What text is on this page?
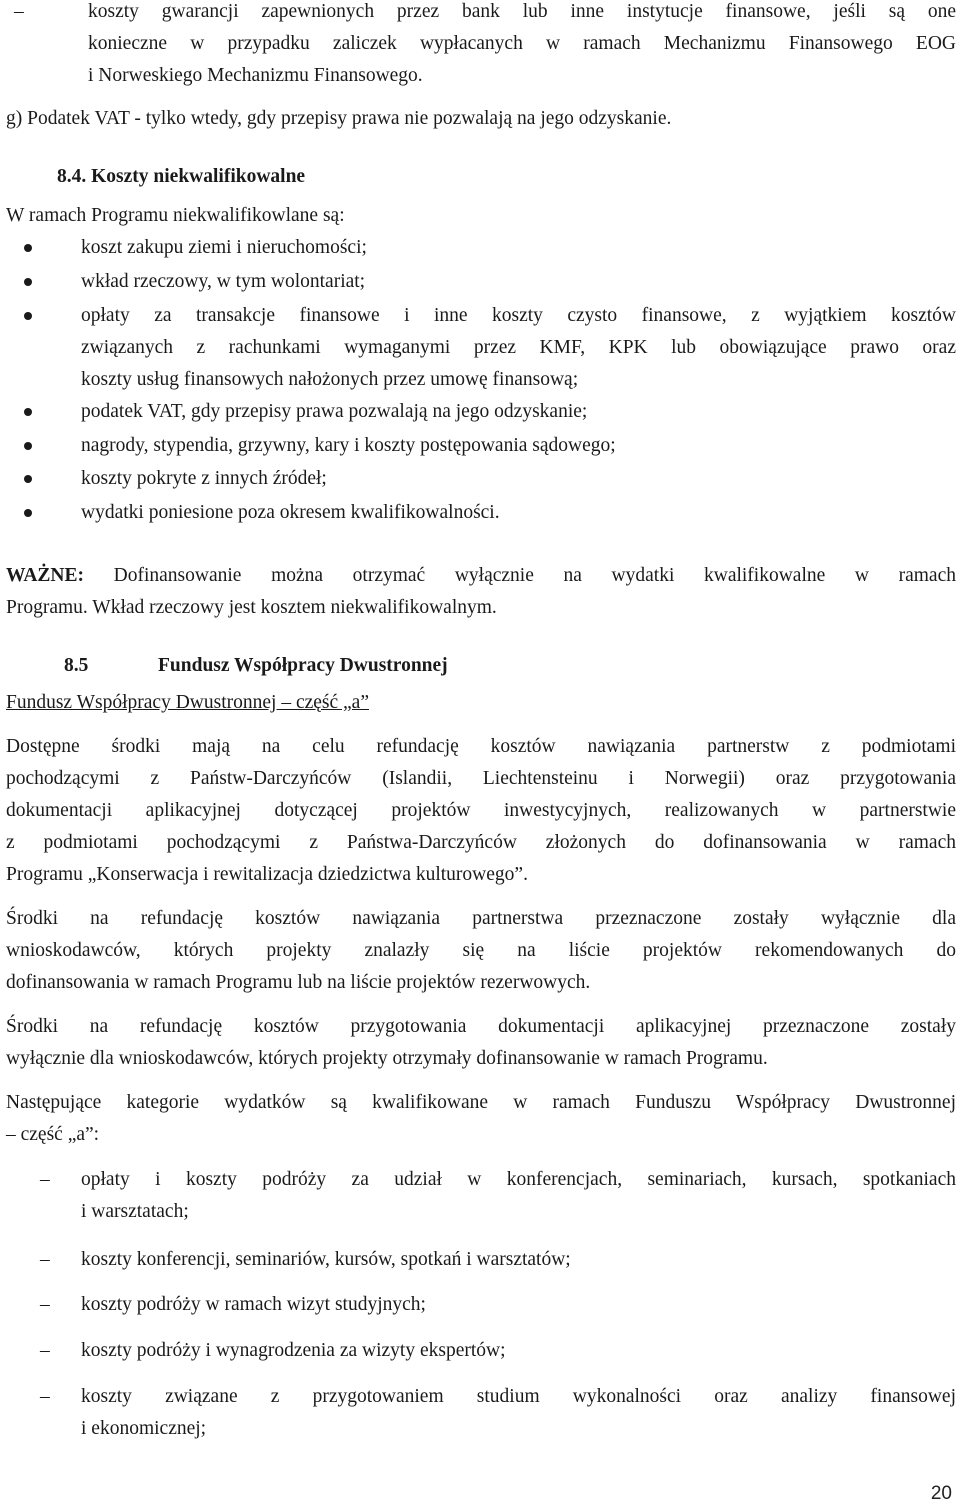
–	koszty gwarancji zapewnionych przez bank lub inne instytucje finansowe, jeśli są one
konieczne w przypadku zaliczek wypłacanych w ramach Mechanizmu Finansowego EOG
i Norweskiego Mechanizmu Finansowego.
g) Podatek VAT - tylko wtedy, gdy przepisy prawa nie pozwalają na jego odzyskanie.
8.4. Koszty niekwalifikowalne
W ramach Programu niekwalifikowlane są:
koszt zakupu ziemi i nieruchomości;
wkład rzeczowy, w tym wolontariat;
opłaty za transakcje finansowe i inne koszty czysto finansowe, z wyjątkiem kosztów
związanych z rachunkami wymaganymi przez KMF, KPK lub obowiązujące prawo oraz
koszty usług finansowych nałożonych przez umowę finansową;
podatek VAT, gdy przepisy prawa pozwalają na jego odzyskanie;
nagrody, stypendia, grzywny, kary i koszty postępowania sądowego;
koszty pokryte z innych źródeł;
wydatki poniesione poza okresem kwalifikowalności.
WAŻNE: Dofinansowanie można otrzymać wyłącznie na wydatki kwalifikowalne w ramach
Programu. Wkład rzeczowy jest kosztem niekwalifikowalnym.
8.5	Fundusz Współpracy Dwustronnej
Fundusz Współpracy Dwustronnej – część „a”
Dostępne środki mają na celu refundację kosztów nawiązania partnerstw z podmiotami
pochodzącymi z Państw-Darczyńców (Islandii, Liechtensteinu i Norwegii) oraz przygotowania
dokumentacji aplikacyjnej dotyczącej projektów inwestycyjnych, realizowanych w partnerstwie
z podmiotami pochodzącymi z Państwa-Darczyńców złożonych do dofinansowania w ramach
Programu „Konserwacja i rewitalizacja dziedzictwa kulturowego”.
Środki na refundację kosztów nawiązania partnerstwa przeznaczone zostały wyłącznie dla
wnioskodawców, których projekty znalazły się na liście projektów rekomendowanych do
dofinansowania w ramach Programu lub na liście projektów rezerwowych.
Środki na refundację kosztów przygotowania dokumentacji aplikacyjnej przeznaczone zostały
wyłącznie dla wnioskodawców, których projekty otrzymały dofinansowanie w ramach Programu.
Następujące kategorie wydatków są kwalifikowane w ramach Funduszu Współpracy Dwustronnej
– część „a”:
– opłaty i koszty podróży za udział w konferencjach, seminariach, kursach, spotkaniach
i warsztatach;
– koszty konferencji, seminariów, kursów, spotkań i warsztatów;
– koszty podróży w ramach wizyt studyjnych;
– koszty podróży i wynagrodzenia za wizyty ekspertów;
– koszty związane z przygotowaniem studium wykonalności oraz analizy finansowej
i ekonomicznej;
20
